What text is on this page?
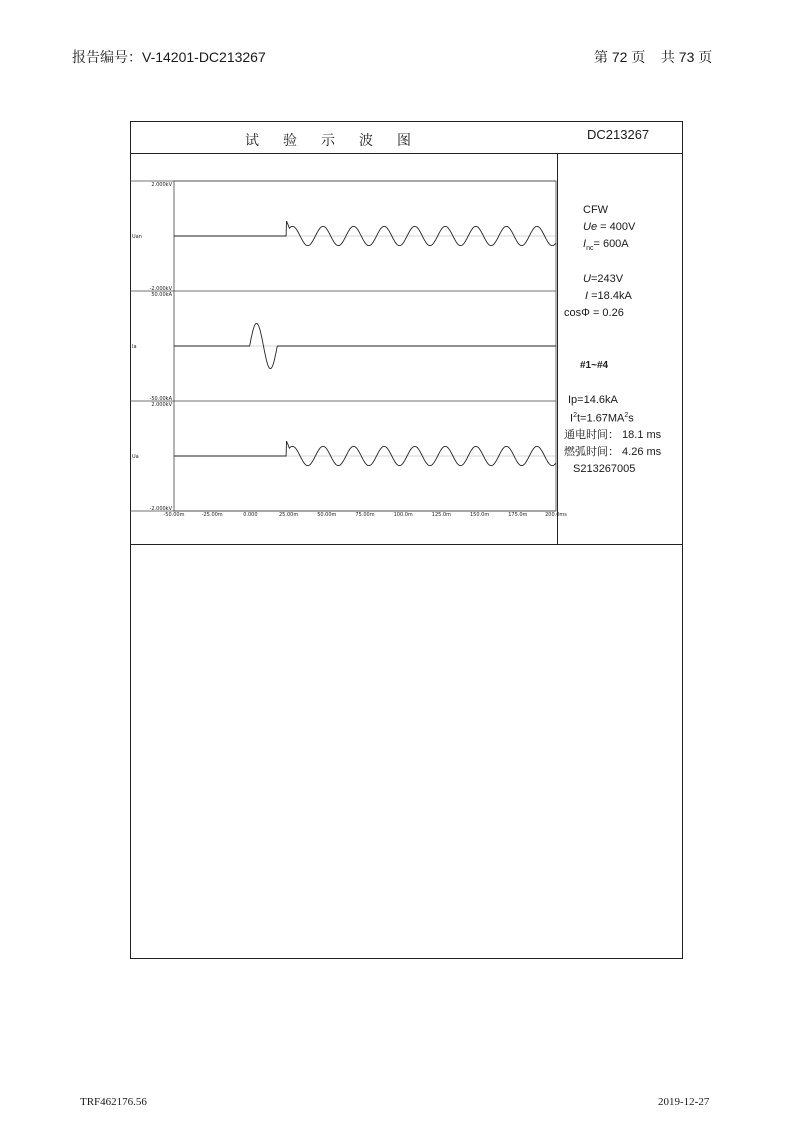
报告编号：V-14201-DC213267	第 72 页 共 73 页
试验示波图	DC213267
2.000kV
-2.000kV
Uan
50.00kA
-50.00kA
Ia
2.000kV
-2.000kV
Ua
-50.00m	-25.00m	0.000	25.00m	50.00m	75.00m	100.0m	125.0m	150.0m	175.0m	200.0ms
CFW
Ue = 400V
$I_{nc}= 600A$
U=243V
I =18.4kA
cosΦ = 0.26
#1~#4
Ip=14.6kA
$I^2t=1.67MA^2s$
通电时间： 18.1 ms
燃弧时间： 4.26 ms
S213267005
TRF462176.56	2019-12-27
